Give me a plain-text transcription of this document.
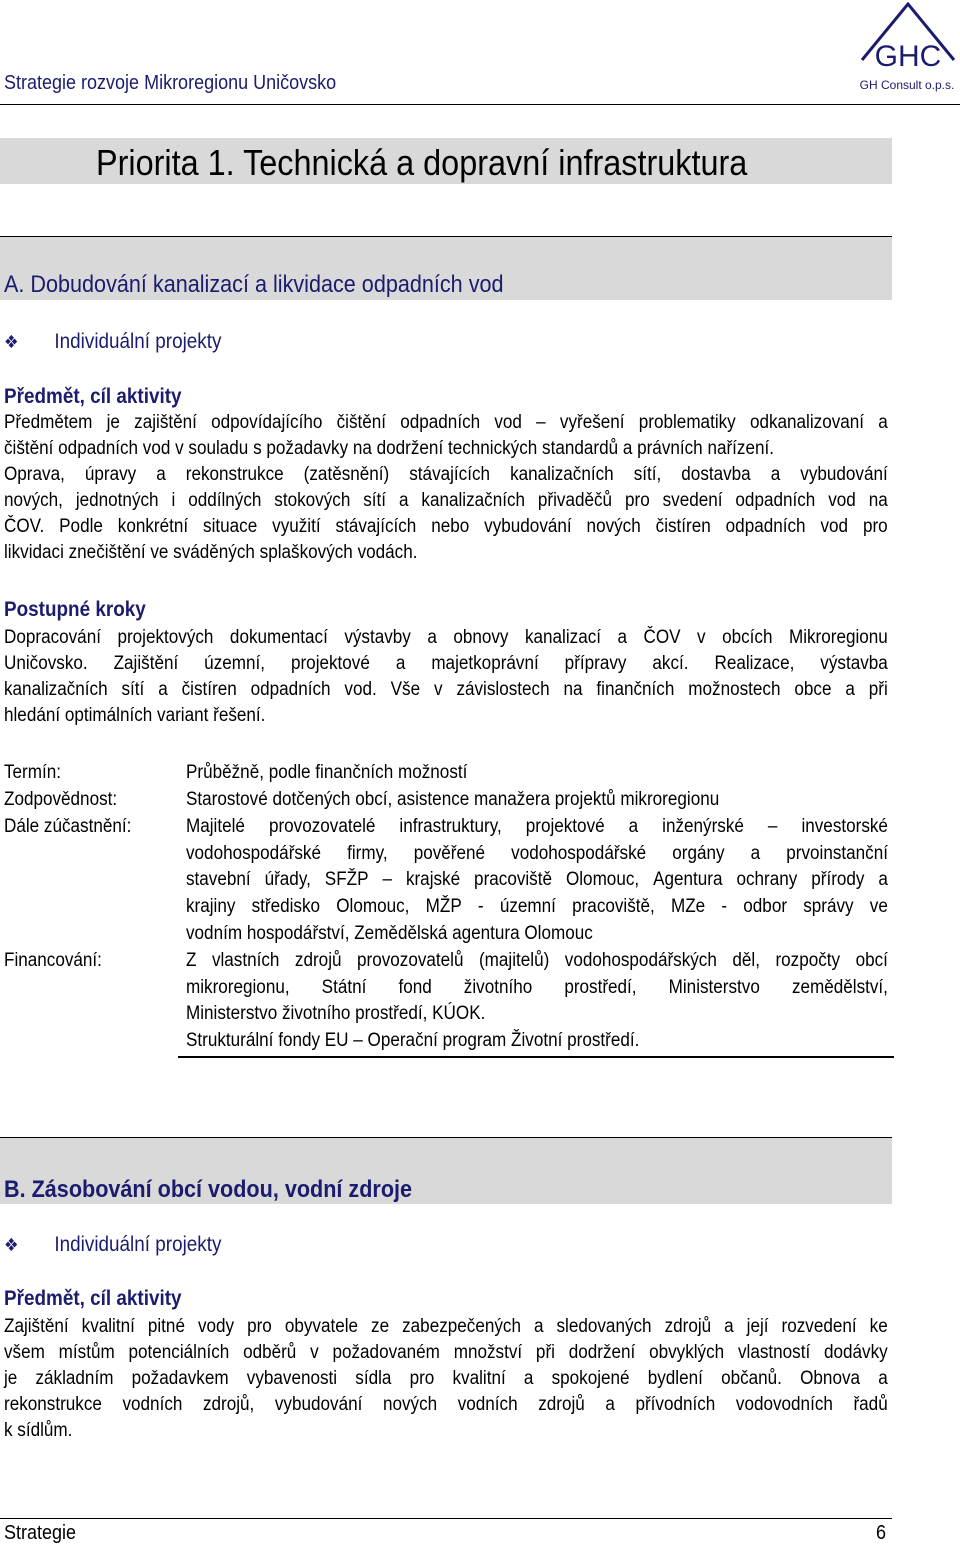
Strategie rozvoje Mikroregionu Uničovsko
GHC
GH Consult o.p.s.
Priorita 1. Technická a dopravní infrastruktura
A. Dobudování kanalizací a likvidace odpadních vod
❖ Individuální projekty
Předmět, cíl aktivity
Předmětem je zajištění odpovídajícího čištění odpadních vod – vyřešení problematiky odkanalizovaní a
čištění odpadních vod v souladu s požadavky na dodržení technických standardů a právních nařízení.
Oprava, úpravy a rekonstrukce (zatěsnění) stávajících kanalizačních sítí, dostavba a vybudování
nových, jednotných i oddílných stokových sítí a kanalizačních přivaděčů pro svedení odpadních vod na
ČOV. Podle konkrétní situace využití stávajících nebo vybudování nových čistíren odpadních vod pro
likvidaci znečištění ve sváděných splaškových vodách.
Postupné kroky
Dopracování projektových dokumentací výstavby a obnovy kanalizací a ČOV v obcích Mikroregionu
Uničovsko. Zajištění územní, projektové a majetkoprávní přípravy akcí. Realizace, výstavba
kanalizačních sítí a čistíren odpadních vod. Vše v závislostech na finančních možnostech obce a při
hledání optimálních variant řešení.
Termín:	Průběžně, podle finančních možností
Zodpovědnost:	Starostové dotčených obcí, asistence manažera projektů mikroregionu
Dále zúčastnění:	Majitelé provozovatelé infrastruktury, projektové a inženýrské – investorské
vodohospodářské firmy, pověřené vodohospodářské orgány a prvoinstanční
stavební úřady, SFŽP – krajské pracoviště Olomouc, Agentura ochrany přírody a
krajiny středisko Olomouc, MŽP - územní pracoviště, MZe - odbor správy ve
vodním hospodářství, Zemědělská agentura Olomouc
Financování:	Z vlastních zdrojů provozovatelů (majitelů) vodohospodářských děl, rozpočty obcí
mikroregionu, Státní fond životního prostředí, Ministerstvo zemědělství,
Ministerstvo životního prostředí, KÚOK.
Strukturální fondy EU – Operační program Životní prostředí.
B. Zásobování obcí vodou, vodní zdroje
❖ Individuální projekty
Předmět, cíl aktivity
Zajištění kvalitní pitné vody pro obyvatele ze zabezpečených a sledovaných zdrojů a její rozvedení ke
všem místům potenciálních odběrů v požadovaném množství při dodržení obvyklých vlastností dodávky
je základním požadavkem vybavenosti sídla pro kvalitní a spokojené bydlení občanů. Obnova a
rekonstrukce vodních zdrojů, vybudování nových vodních zdrojů a přívodních vodovodních řadů
k sídlům.
Strategie	6
